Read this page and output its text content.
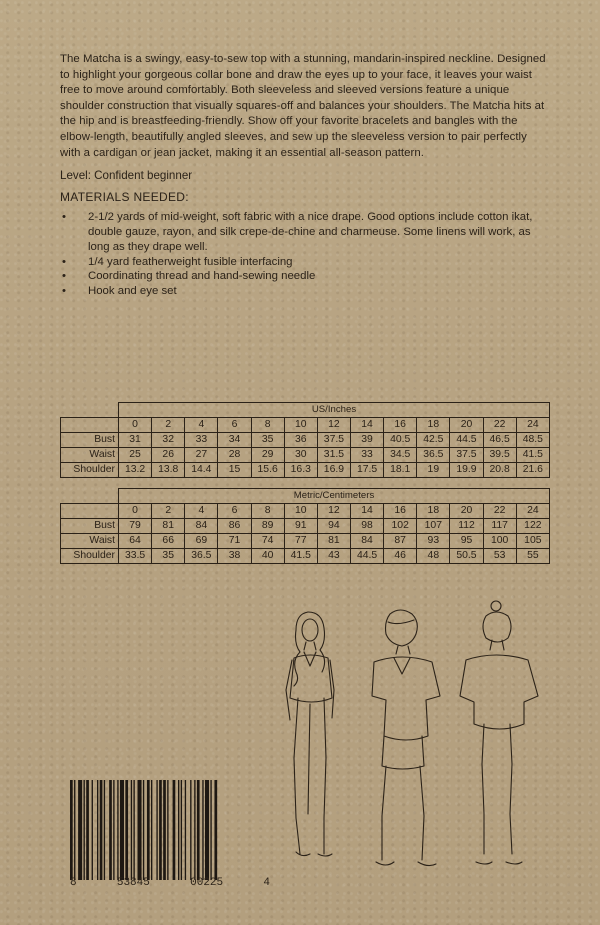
The Matcha is a swingy, easy-to-sew top with a stunning, mandarin-inspired neckline. Designed to highlight your gorgeous collar bone and draw the eyes up to your face, it leaves your waist free to move around comfortably. Both sleeveless and sleeved versions feature a unique shoulder construction that visually squares-off and balances your shoulders. The Matcha hits at the hip and is breastfeeding-friendly. Show off your favorite bracelets and bangles with the elbow-length, beautifully angled sleeves, and sew up the sleeveless version to pair perfectly with a cardigan or jean jacket, making it an essential all-season pattern.

Level: Confident beginner

MATERIALS NEEDED:

• 2-1/2 yards of mid-weight, soft fabric with a nice drape. Good options include cotton ikat, double gauze, rayon, and silk crepe-de-chine and charmeuse. Some linens will work, as long as they drape well.
• 1/4 yard featherweight fusible interfacing
• Coordinating thread and hand-sewing needle
• Hook and eye set
	US/Inches												
	0	2	4	6	8	10	12	14	16	18	20	22	24
Bust	31	32	33	34	35	36	37.5	39	40.5	42.5	44.5	46.5	48.5
Waist	25	26	27	28	29	30	31.5	33	34.5	36.5	37.5	39.5	41.5
Shoulder	13.2	13.8	14.4	15	15.6	16.3	16.9	17.5	18.1	19	19.9	20.8	21.6
	Metric/Centimeters												
	0	2	4	6	8	10	12	14	16	18	20	22	24
Bust	79	81	84	86	89	91	94	98	102	107	112	117	122
Waist	64	66	69	71	74	77	81	84	87	93	95	100	105
Shoulder	33.5	35	36.5	38	40	41.5	43	44.5	46	48	50.5	53	55
8	53845	00225	4
